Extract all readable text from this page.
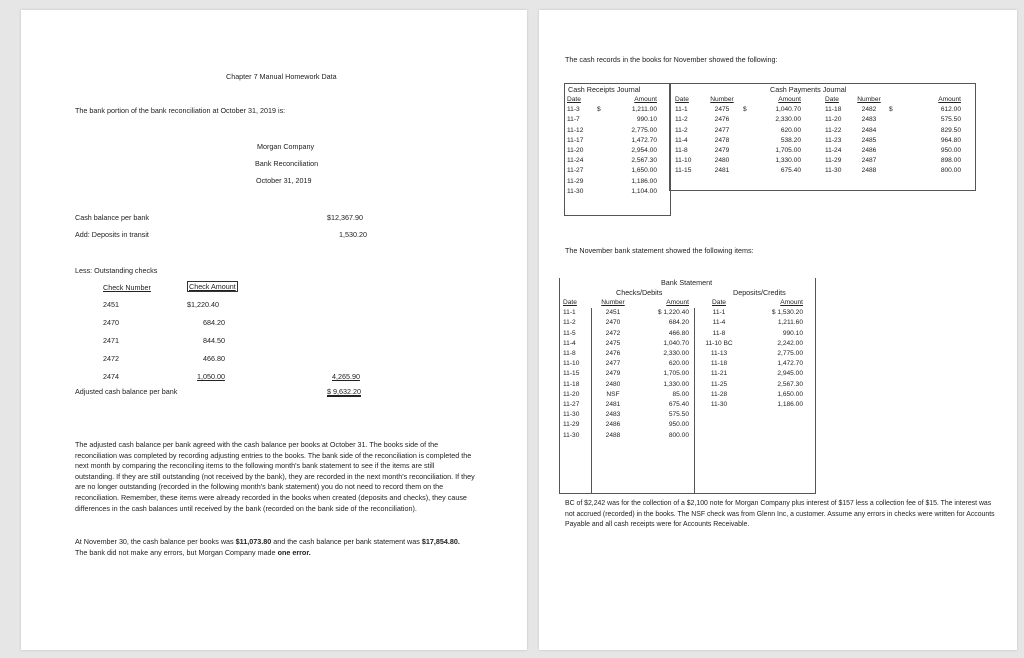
Chapter 7 Manual Homework Data
The bank portion of the bank reconciliation at October 31, 2019 is:
Morgan Company
Bank Reconciliation
October 31, 2019
Cash balance per bank	$12,367.90
Add: Deposits in transit	1,530.20
Less: Outstanding checks
Check Number	Check Amount
2451	$1,220.40
2470	684.20
2471	844.50
2472	466.80
2474	1,050.00	4,265.90
Adjusted cash balance per bank	$ 9,632.20
The adjusted cash balance per bank agreed with the cash balance per books at October 31. The books side of the reconciliation was completed by recording adjusting entries to the books. The bank side of the reconciliation is completed the next month by comparing the reconciling items to the following month's bank statement to see if the items are still outstanding. If they are still outstanding (not received by the bank), they are recorded in the next month's reconciliation. If they are no longer outstanding (recorded in the following month's bank statement) you do not need to record them on the reconciliation. Remember, these items were already recorded in the books when created (deposits and checks), they cause differences in the cash balances until received by the bank (recorded on the bank side of the reconciliation).
At November 30, the cash balance per books was $11,073.80 and the cash balance per bank statement was $17,854.80.
The bank did not make any errors, but Morgan Company made one error.
The cash records in the books for November showed the following:
Cash Receipts Journal	Cash Payments Journal
Date		Amount
11-3	$	1,211.00
11-7		990.10
11-12		2,775.00
11-17		1,472.70
11-20		2,954.00
11-24		2,567.30
11-27		1,650.00
11-29		1,186.00
11-30		1,104.00
Date	Number		Amount
11-1	2475	$	1,040.70
11-2	2476		2,330.00
11-2	2477		620.00
11-4	2478		538.20
11-8	2479		1,705.00
11-10	2480		1,330.00
11-15	2481		675.40
Date	Number		Amount
11-18	2482	$	612.00
11-20	2483		575.50
11-22	2484		829.50
11-23	2485		964.80
11-24	2486		950.00
11-29	2487		898.00
11-30	2488		800.00
The November bank statement showed the following items:
Bank Statement
Checks/Debits	Deposits/Credits
Date	Number	Amount
11-1	2451	$ 1,220.40
11-2	2470	684.20
11-5	2472	466.80
11-4	2475	1,040.70
11-8	2476	2,330.00
11-10	2477	620.00
11-15	2479	1,705.00
11-18	2480	1,330.00
11-20	NSF	85.00
11-27	2481	675.40
11-30	2483	575.50
11-29	2486	950.00
11-30	2488	800.00
Date	Amount
11-1	$ 1,530.20
11-4	1,211.60
11-8	990.10
11-10 BC	2,242.00
11-13	2,775.00
11-18	1,472.70
11-21	2,945.00
11-25	2,567.30
11-28	1,650.00
11-30	1,186.00
BC of $2,242 was for the collection of a $2,100 note for Morgan Company plus interest of $157 less a collection fee of $15. The interest was not accrued (recorded) in the books. The NSF check was from Glenn Inc, a customer. Assume any errors in checks were written for Accounts Payable and all cash receipts were for Accounts Receivable.
